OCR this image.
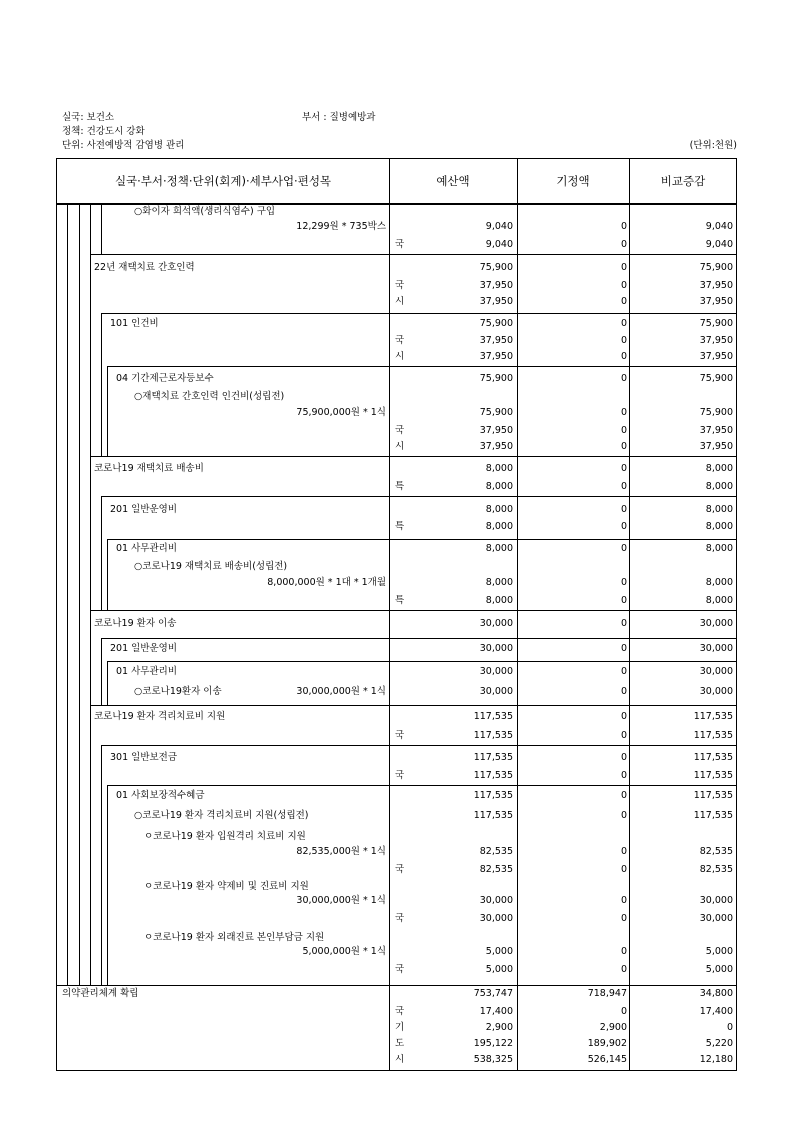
실국: 보건소	부서 : 질병예방과
정책: 건강도시 강화
단위: 사전예방적 감염병 관리	(단위:천원)
실국·부서·정책·단위(회계)·세부사업·편성목	예산액	기정액	비교증감
○화이자 희석액(생리식염수) 구입
12,299원 * 735박스	9,040	0	9,040
국	9,040	0	9,040
22년 재택치료 간호인력	75,900	0	75,900
국	37,950	0	37,950
시	37,950	0	37,950
101 인건비	75,900	0	75,900
국	37,950	0	37,950
시	37,950	0	37,950
04 기간제근로자등보수	75,900	0	75,900
○재택치료 간호인력 인건비(성립전)
75,900,000원 * 1식	75,900	0	75,900
국	37,950	0	37,950
시	37,950	0	37,950
코로나19 재택치료 배송비	8,000	0	8,000
특	8,000	0	8,000
201 일반운영비	8,000	0	8,000
특	8,000	0	8,000
01 사무관리비	8,000	0	8,000
○코로나19 재택치료 배송비(성립전)
8,000,000원 * 1대 * 1개월	8,000	0	8,000
특	8,000	0	8,000
코로나19 환자 이송	30,000	0	30,000
201 일반운영비	30,000	0	30,000
01 사무관리비	30,000	0	30,000
○코로나19환자 이송	30,000,000원 * 1식	30,000	0	30,000
코로나19 환자 격리치료비 지원	117,535	0	117,535
국	117,535	0	117,535
301 일반보전금	117,535	0	117,535
국	117,535	0	117,535
01 사회보장적수혜금	117,535	0	117,535
○코로나19 환자 격리치료비 지원(성립전)	117,535	0	117,535
ㅇ코로나19 환자 입원격리 치료비 지원
82,535,000원 * 1식	82,535	0	82,535
국	82,535	0	82,535
ㅇ코로나19 환자 약제비 및 진료비 지원
30,000,000원 * 1식	30,000	0	30,000
국	30,000	0	30,000
ㅇ코로나19 환자 외래진료 본인부담금 지원
5,000,000원 * 1식	5,000	0	5,000
국	5,000	0	5,000
의약관리체계 확립	753,747	718,947	34,800
국	17,400	0	17,400
기	2,900	2,900	0
도	195,122	189,902	5,220
시	538,325	526,145	12,180
